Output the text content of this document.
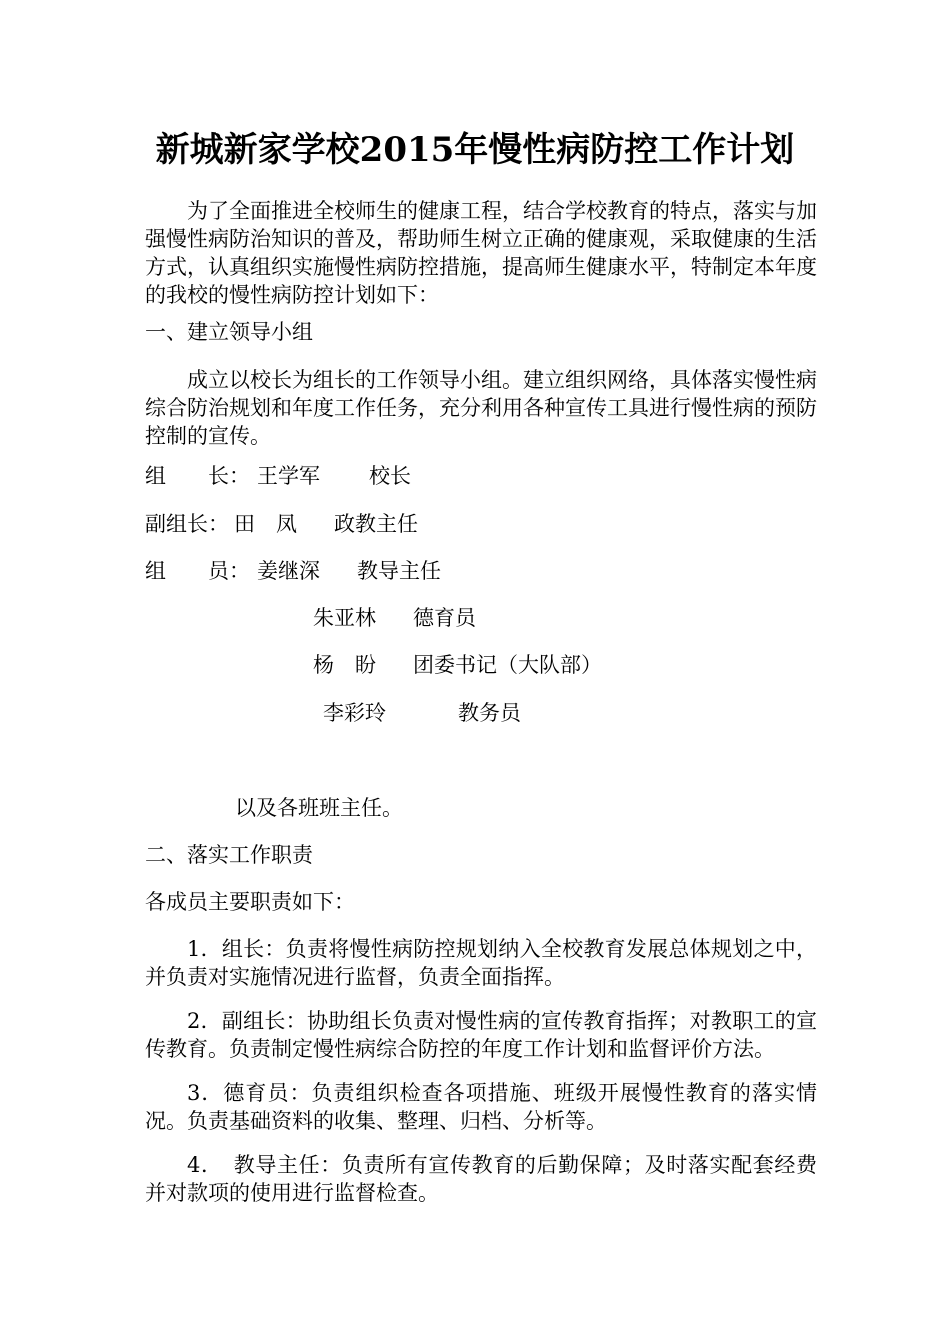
新城新家学校2015年慢性病防控工作计划
为了全面推进全校师生的健康工程，结合学校教育的特点，落实与加强慢性病防治知识的普及，帮助师生树立正确的健康观，采取健康的生活方式，认真组织实施慢性病防控措施，提高师生健康水平，特制定本年度的我校的慢性病防控计划如下：
一、建立领导小组
成立以校长为组长的工作领导小组。建立组织网络，具体落实慢性病综合防治规划和年度工作任务，充分利用各种宣传工具进行慢性病的预防控制的宣传。
组　　长： 王学军 校长
副组长： 田　凤 政教主任
组　　员： 姜继深 教导主任
朱亚林 德育员
杨　盼 团委书记（大队部）
李彩玲	教务员
以及各班班主任。
二、落实工作职责
各成员主要职责如下：
1．组长：负责将慢性病防控规划纳入全校教育发展总体规划之中，并负责对实施情况进行监督，负责全面指挥。
2．副组长：协助组长负责对慢性病的宣传教育指挥；对教职工的宣传教育。负责制定慢性病综合防控的年度工作计划和监督评价方法。
3．德育员：负责组织检查各项措施、班级开展慢性教育的落实情况。负责基础资料的收集、整理、归档、分析等。
4．　教导主任：负责所有宣传教育的后勤保障；及时落实配套经费并对款项的使用进行监督检查。
